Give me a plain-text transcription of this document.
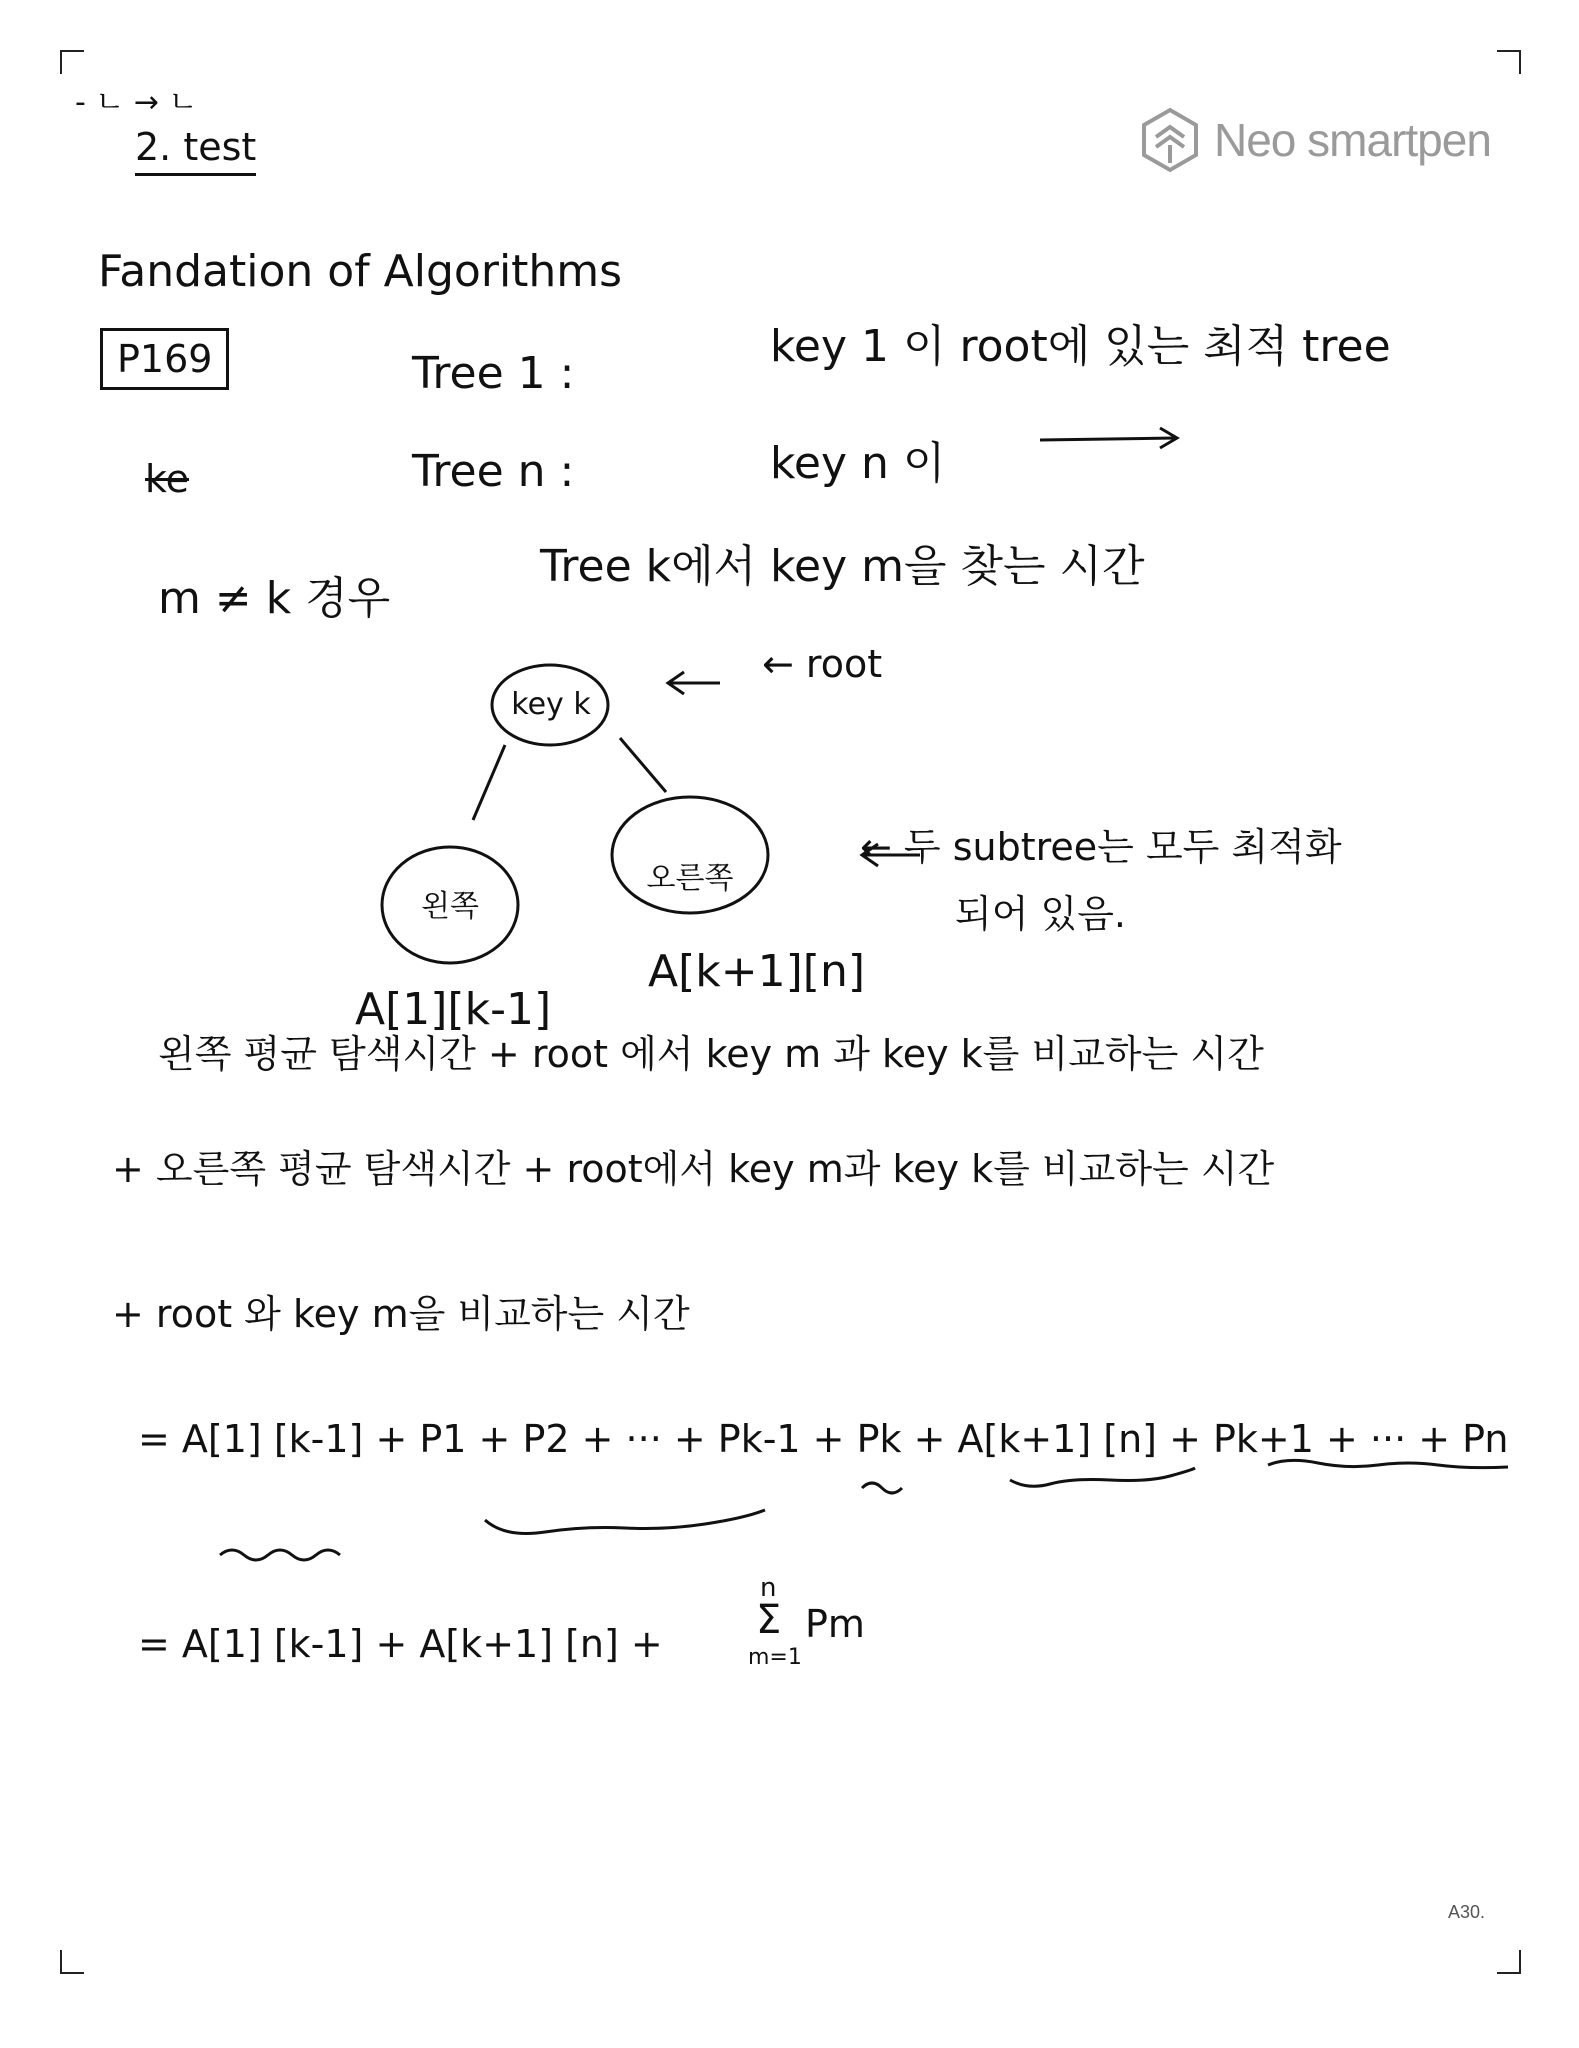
Neo smartpen
- ㄴ → ㄴ
2. test
Fandation of Algorithms
P169
ke
Tree 1 :
key 1 이 root에 있는 최적 tree
Tree n :	key n 이
m ≠ k 경우
Tree k에서 key m을 찾는 시간
key k
← root
왼쪽
오른쪽
A[1][k-1]
A[k+1][n]
← 두 subtree는 모두 최적화
되어 있음.
왼쪽 평균 탐색시간 + root 에서 key m 과 key k를 비교하는 시간
+ 오른쪽 평균 탐색시간 + root에서 key m과 key k를 비교하는 시간
+ root 와 key m을 비교하는 시간
= A[1] [k-1] + P1 + P2 + ··· + Pk-1 + Pk + A[k+1] [n] + Pk+1 + ··· + Pn
= A[1] [k-1] + A[k+1] [n] +
n
Σ
m=1
Pm
A30.
